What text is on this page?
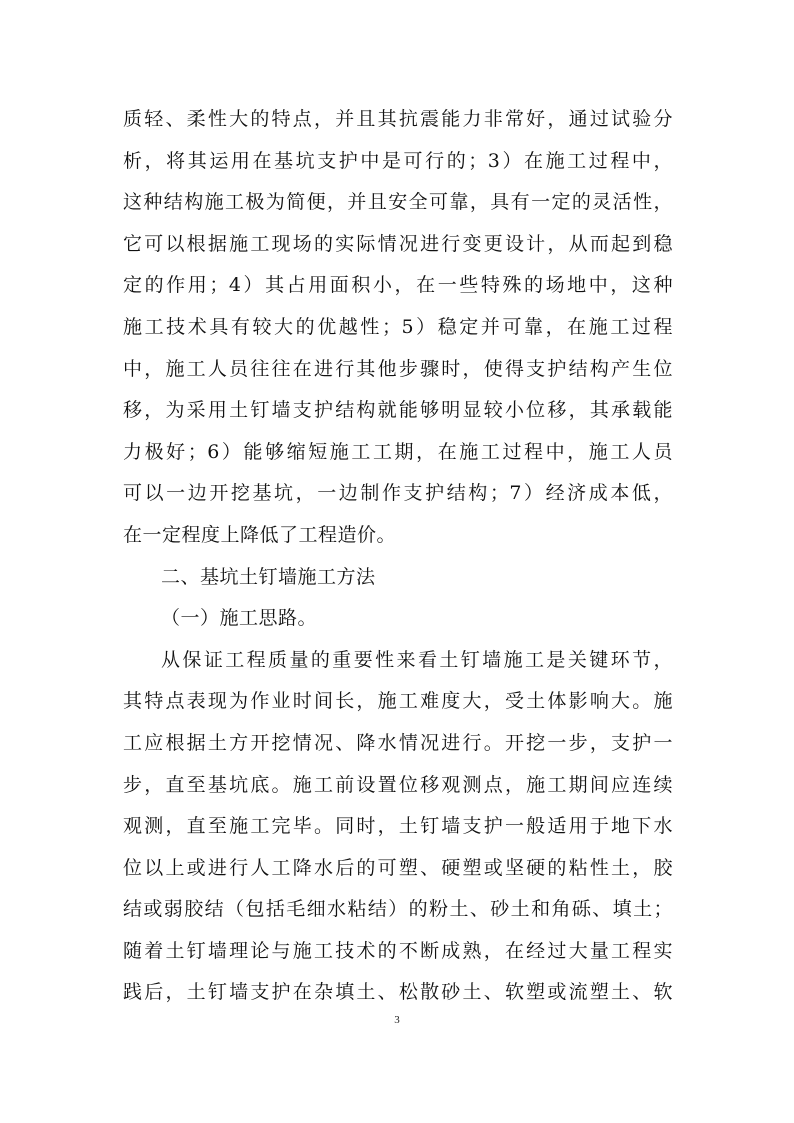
质轻、柔性大的特点，并且其抗震能力非常好，通过试验分
析，将其运用在基坑支护中是可行的；3）在施工过程中，
这种结构施工极为简便，并且安全可靠，具有一定的灵活性，
它可以根据施工现场的实际情况进行变更设计，从而起到稳
定的作用；4）其占用面积小，在一些特殊的场地中，这种
施工技术具有较大的优越性；5）稳定并可靠，在施工过程
中，施工人员往往在进行其他步骤时，使得支护结构产生位
移，为采用土钉墙支护结构就能够明显较小位移，其承载能
力极好；6）能够缩短施工工期，在施工过程中，施工人员
可以一边开挖基坑，一边制作支护结构；7）经济成本低，
在一定程度上降低了工程造价。
二、基坑土钉墙施工方法
（一）施工思路。
从保证工程质量的重要性来看土钉墙施工是关键环节，
其特点表现为作业时间长，施工难度大，受土体影响大。施
工应根据土方开挖情况、降水情况进行。开挖一步，支护一
步，直至基坑底。施工前设置位移观测点，施工期间应连续
观测，直至施工完毕。同时，土钉墙支护一般适用于地下水
位以上或进行人工降水后的可塑、硬塑或坚硬的粘性土，胶
结或弱胶结（包括毛细水粘结）的粉土、砂土和角砾、填土；
随着土钉墙理论与施工技术的不断成熟，在经过大量工程实
践后，土钉墙支护在杂填土、松散砂土、软塑或流塑土、软
3
